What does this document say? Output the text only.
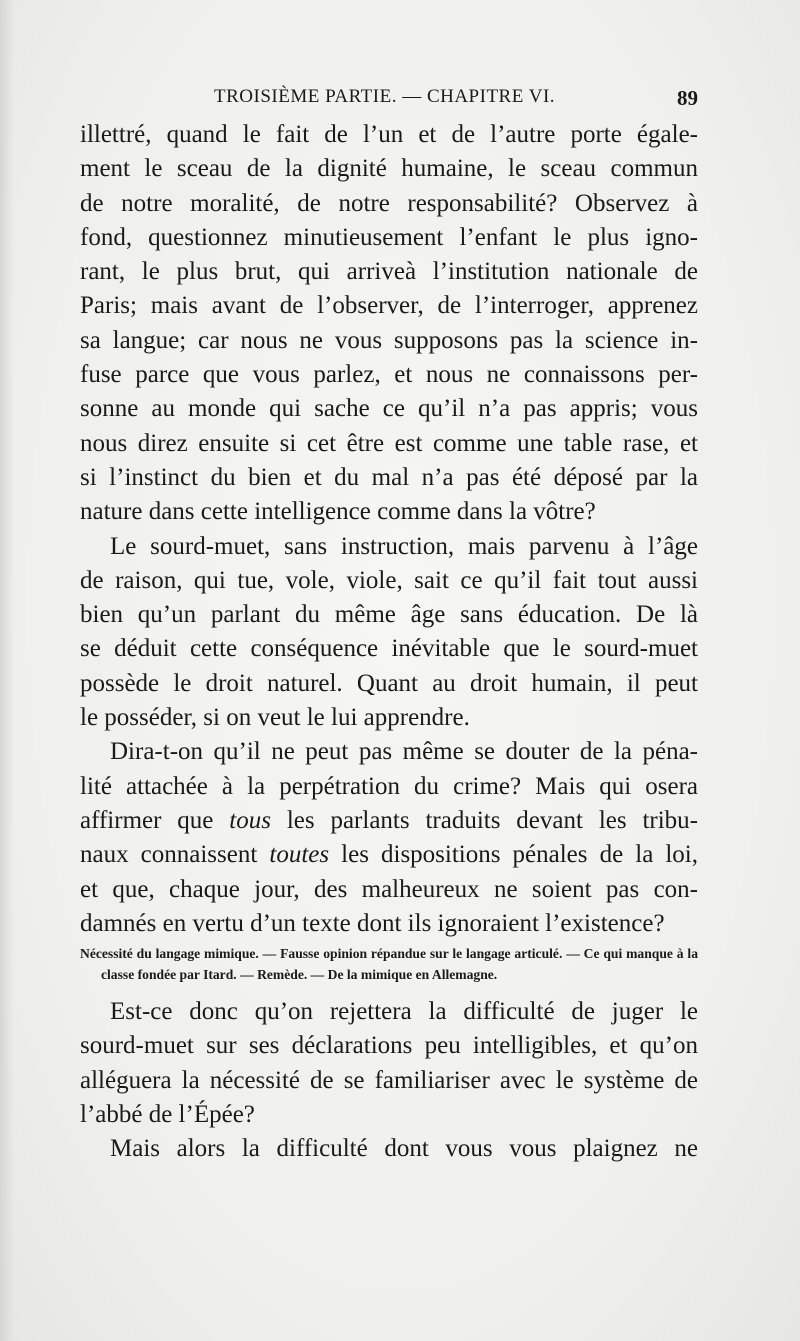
TROISIÈME PARTIE. — CHAPITRE VI.	89
illettré, quand le fait de l’un et de l’autre porte égale-
ment le sceau de la dignité humaine, le sceau commun
de notre moralité, de notre responsabilité? Observez à
fond, questionnez minutieusement l’enfant le plus igno-
rant, le plus brut, qui arriveà l’institution nationale de
Paris; mais avant de l’observer, de l’interroger, apprenez
sa langue; car nous ne vous supposons pas la science in-
fuse parce que vous parlez, et nous ne connaissons per-
sonne au monde qui sache ce qu’il n’a pas appris; vous
nous direz ensuite si cet être est comme une table rase, et
si l’instinct du bien et du mal n’a pas été déposé par la
nature dans cette intelligence comme dans la vôtre?
Le sourd-muet, sans instruction, mais parvenu à l’âge
de raison, qui tue, vole, viole, sait ce qu’il fait tout aussi
bien qu’un parlant du même âge sans éducation. De là
se déduit cette conséquence inévitable que le sourd-muet
possède le droit naturel. Quant au droit humain, il peut
le posséder, si on veut le lui apprendre.
Dira-t-on qu’il ne peut pas même se douter de la péna-
lité attachée à la perpétration du crime? Mais qui osera
affirmer que tous les parlants traduits devant les tribu-
naux connaissent toutes les dispositions pénales de la loi,
et que, chaque jour, des malheureux ne soient pas con-
damnés en vertu d’un texte dont ils ignoraient l’existence?
Nécessité du langage mimique. — Fausse opinion répandue sur le langage articulé. — Ce qui manque à la classe fondée par Itard. — Remède. — De la mimique en Allemagne.
Est-ce donc qu’on rejettera la difficulté de juger le
sourd-muet sur ses déclarations peu intelligibles, et qu’on
alléguera la nécessité de se familiariser avec le système de
l’abbé de l’Épée?
Mais alors la difficulté dont vous vous plaignez ne
